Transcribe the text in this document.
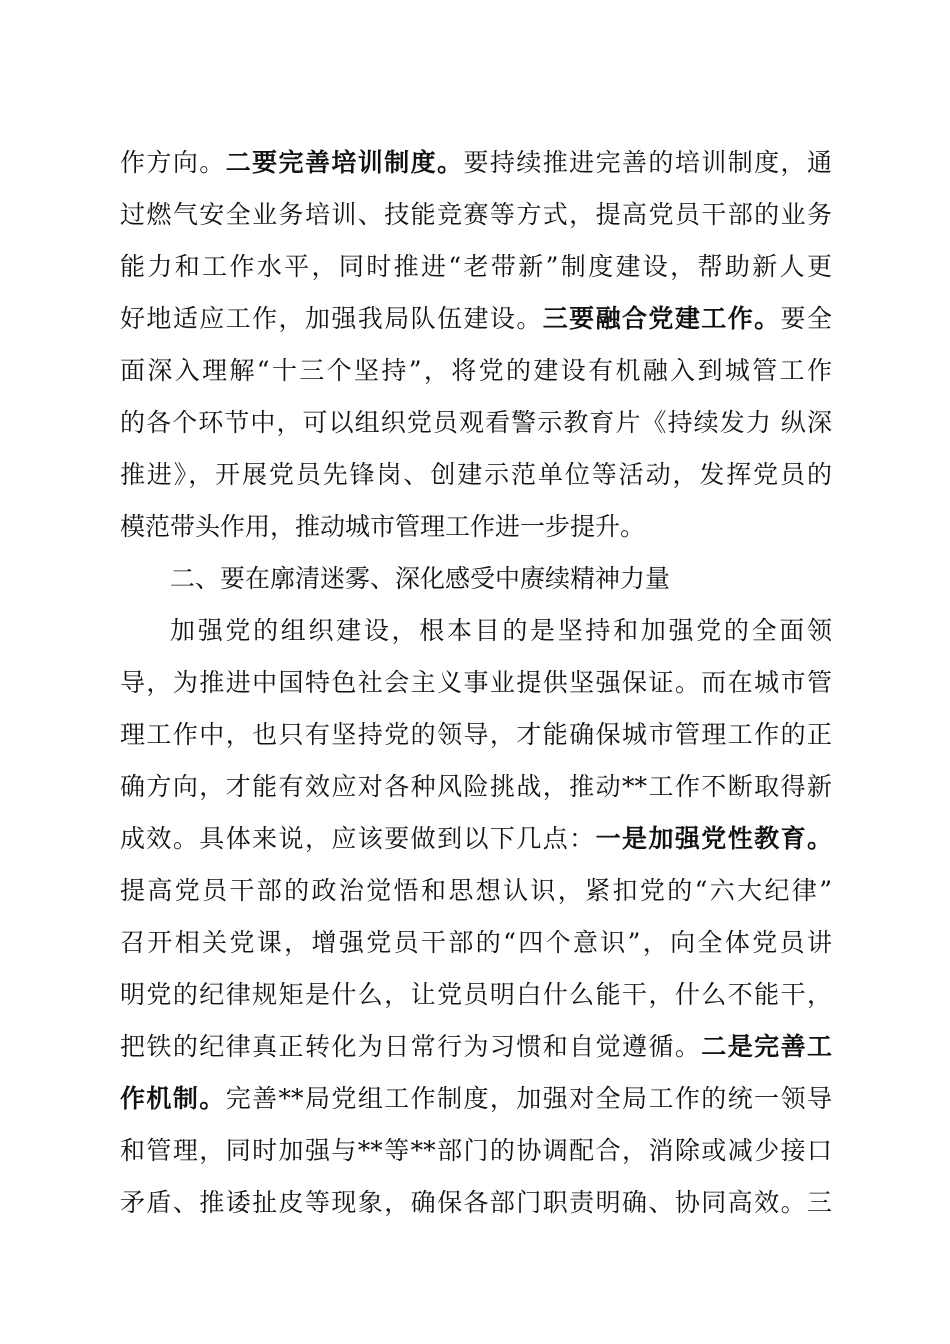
作方向。二要完善培训制度。要持续推进完善的培训制度，通
过燃气安全业务培训、技能竞赛等方式，提高党员干部的业务
能力和工作水平，同时推进“老带新”制度建设，帮助新人更
好地适应工作，加强我局队伍建设。三要融合党建工作。要全
面深入理解“十三个坚持”，将党的建设有机融入到城管工作
的各个环节中，可以组织党员观看警示教育片《持续发力 纵深
推进》，开展党员先锋岗、创建示范单位等活动，发挥党员的
模范带头作用，推动城市管理工作进一步提升。
二、要在廓清迷雾、深化感受中赓续精神力量
加强党的组织建设，根本目的是坚持和加强党的全面领
导，为推进中国特色社会主义事业提供坚强保证。而在城市管
理工作中，也只有坚持党的领导，才能确保城市管理工作的正
确方向，才能有效应对各种风险挑战，推动**工作不断取得新
成效。具体来说，应该要做到以下几点：一是加强党性教育。
提高党员干部的政治觉悟和思想认识，紧扣党的“六大纪律”
召开相关党课，增强党员干部的“四个意识”，向全体党员讲
明党的纪律规矩是什么，让党员明白什么能干，什么不能干，
把铁的纪律真正转化为日常行为习惯和自觉遵循。二是完善工
作机制。完善**局党组工作制度，加强对全局工作的统一领导
和管理，同时加强与**等**部门的协调配合，消除或减少接口
矛盾、推诿扯皮等现象，确保各部门职责明确、协同高效。三
